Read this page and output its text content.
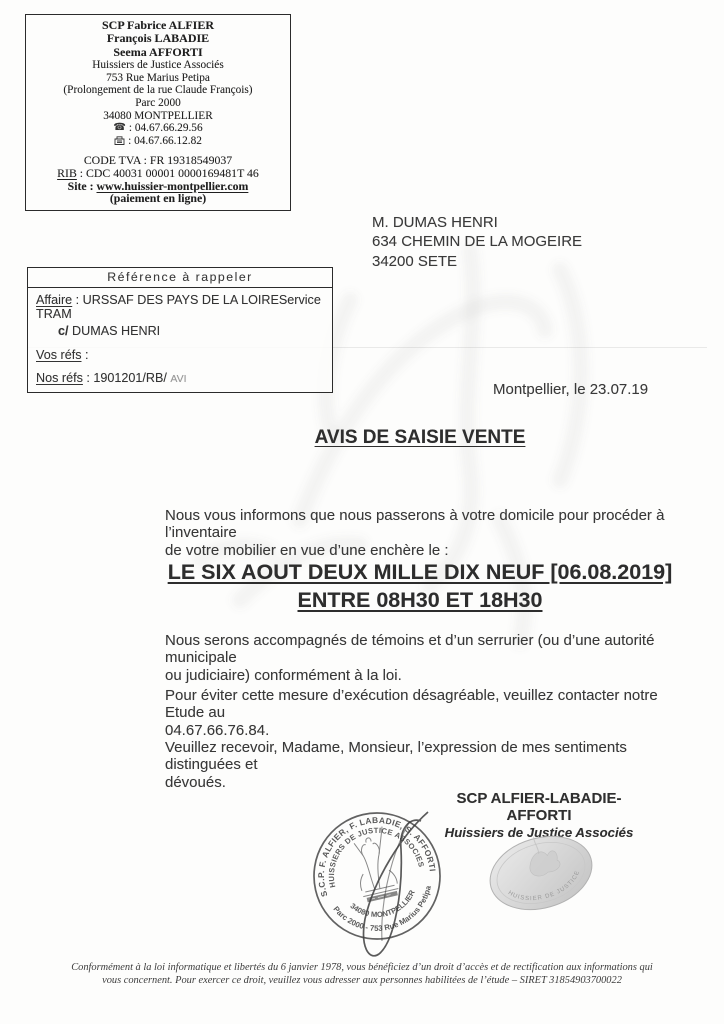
SCP Fabrice ALFIER
François LABADIE
Seema AFFORTI
Huissiers de Justice Associés
753 Rue Marius Petipa
(Prolongement de la rue Claude François)
Parc 2000
34080 MONTPELLIER
☎ : 04.67.66.29.56
: 04.67.66.12.82
CODE TVA : FR 19318549037
RIB : CDC 40031 00001 0000169481T 46
Site : www.huissier-montpellier.com
(paiement en ligne)
M. DUMAS HENRI
634 CHEMIN DE LA MOGEIRE
34200 SETE
Référence à rappeler
Affaire : URSSAF DES PAYS DE LA LOIREService TRAM
c/ DUMAS HENRI
Vos réfs :
Nos réfs : 1901201/RB/ AVI
Montpellier, le 23.07.19
AVIS DE SAISIE VENTE
Nous vous informons que nous passerons à votre domicile pour procéder à l’inventaire
de votre mobilier en vue d’une enchère le :
LE SIX AOUT DEUX MILLE DIX NEUF [06.08.2019]
ENTRE 08H30 ET 18H30
Nous serons accompagnés de témoins et d’un serrurier (ou d’une autorité municipale
ou judiciaire) conformément à la loi.
Pour éviter cette mesure d’exécution désagréable, veuillez contacter notre Etude au
04.67.66.76.84.
Veuillez recevoir, Madame, Monsieur, l’expression de mes sentiments distinguées et
dévoués.
SCP ALFIER-LABADIE-AFFORTI
Huissiers de Justice Associés
S.C.P. F. ALFIER, F. LABADIE, S. AFFORTI
HUISSIERS DE JUSTICE ASSOCIES
Parc 2000 - 753 Rue Marius Petipa
34080 MONTPELLIER	HUISSIER DE JUSTICE
Conformément à la loi informatique et libertés du 6 janvier 1978, vous bénéficiez d’un droit d’accès et de rectification aux informations qui
vous concernent. Pour exercer ce droit, veuillez vous adresser aux personnes habilitées de l’étude – SIRET 31854903700022
